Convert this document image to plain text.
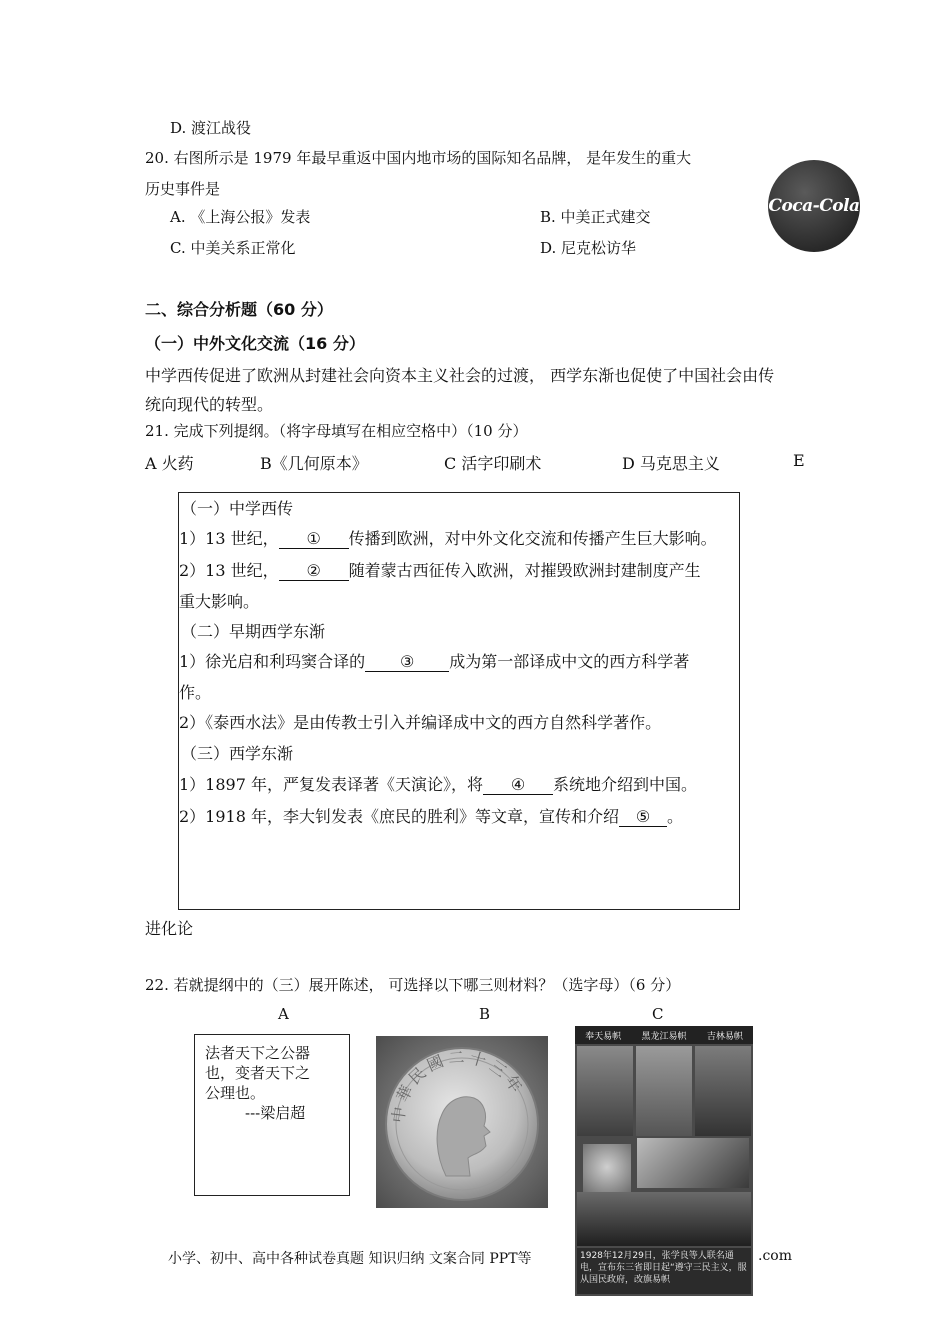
D. 渡江战役
20. 右图所示是 1979 年最早重返中国内地市场的国际知名品牌， 是年发生的重大
历史事件是
A. 《上海公报》发表	B. 中美正式建交
C. 中美关系正常化	D. 尼克松访华
Coca-Cola
二、综合分析题（60 分）
（一）中外文化交流（16 分）
中学西传促进了欧洲从封建社会向资本主义社会的过渡， 西学东渐也促使了中国社会由传
统向现代的转型。
21. 完成下列提纲。（将字母填写在相应空格中）（10 分）
A 火药	B《几何原本》	C 活字印刷术	D 马克思主义	E
（一）中学西传
1）13 世纪， ① 传播到欧洲，对中外文化交流和传播产生巨大影响。
2）13 世纪， ② 随着蒙古西征传入欧洲，对摧毁欧洲封建制度产生
重大影响。
（二）早期西学东渐
1）徐光启和利玛窦合译的 ③ 成为第一部译成中文的西方科学著
作。
2）《泰西水法》是由传教士引入并编译成中文的西方自然科学著作。
（三）西学东渐
1）1897 年，严复发表译著《天演论》，将 ④ 系统地介绍到中国。
2）1918 年，李大钊发表《庶民的胜利》等文章，宣传和介绍 ⑤ 。
进化论
22. 若就提纲中的（三）展开陈述， 可选择以下哪三则材料？（选字母）（6 分）
A	B	C
法者天下之公器
也，变者天下之
公理也。
---梁启超	中華民國二十三年
奉天易帜 黑龙江易帜 吉林易帜
1928年12月29日，张学良等人联名通电，宣布东三省即日起“遵守三民主义，服从国民政府，改旗易帜
小学、初中、高中各种试卷真题 知识归纳 文案合同 PPT等	.com
